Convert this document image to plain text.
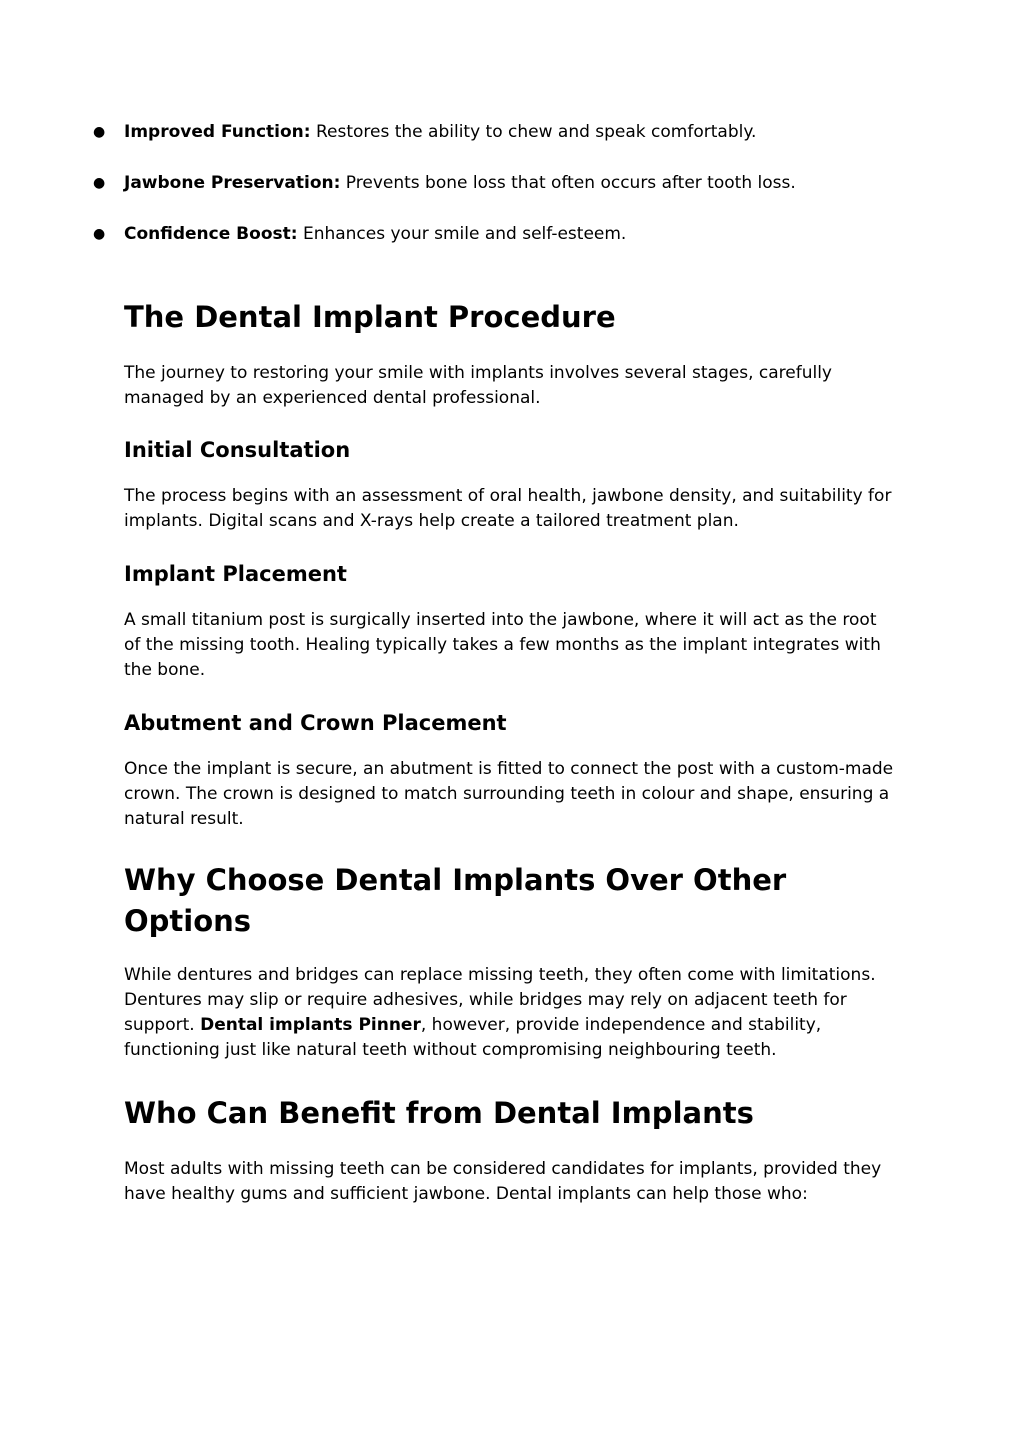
● Improved Function: Restores the ability to chew and speak comfortably.
● Jawbone Preservation: Prevents bone loss that often occurs after tooth loss.
● Confidence Boost: Enhances your smile and self-esteem.
The Dental Implant Procedure

The journey to restoring your smile with implants involves several stages, carefully managed by an experienced dental professional.

Initial Consultation

The process begins with an assessment of oral health, jawbone density, and suitability for implants. Digital scans and X-rays help create a tailored treatment plan.

Implant Placement

A small titanium post is surgically inserted into the jawbone, where it will act as the root of the missing tooth. Healing typically takes a few months as the implant integrates with the bone.

Abutment and Crown Placement

Once the implant is secure, an abutment is fitted to connect the post with a custom-made crown. The crown is designed to match surrounding teeth in colour and shape, ensuring a natural result.

Why Choose Dental Implants Over Other Options

While dentures and bridges can replace missing teeth, they often come with limitations. Dentures may slip or require adhesives, while bridges may rely on adjacent teeth for support. Dental implants Pinner, however, provide independence and stability, functioning just like natural teeth without compromising neighbouring teeth.

Who Can Benefit from Dental Implants

Most adults with missing teeth can be considered candidates for implants, provided they have healthy gums and sufficient jawbone. Dental implants can help those who:
